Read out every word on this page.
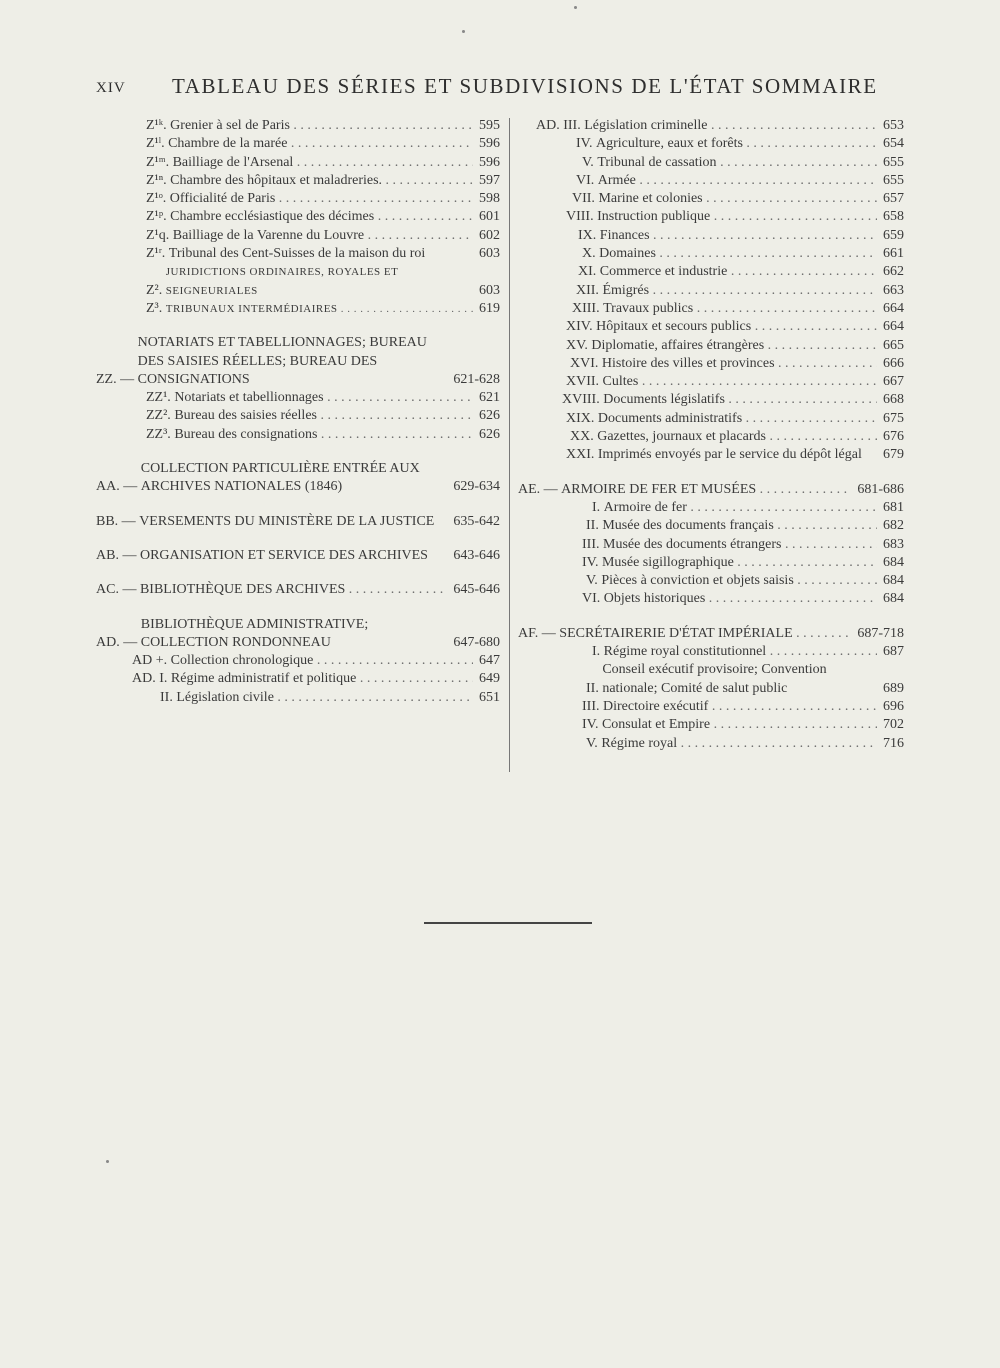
XIV TABLEAU DES SÉRIES ET SUBDIVISIONS DE L'ÉTAT SOMMAIRE
Z¹ᵏ. Grenier à sel de Paris . . .	595
Z¹ˡ. Chambre de la marée . . .	596
Z¹ᵐ. Bailliage de l'Arsenal . . .	596
Z¹ⁿ. Chambre des hôpitaux et maladreries. . . .	597
Z¹ᵒ. Officialité de Paris . . .	598
Z¹ᵖ. Chambre ecclésiastique des décimes . . .	601
Z¹q. Bailliage de la Varenne du Louvre . . .	602
Z¹ʳ. Tribunal des Cent-Suisses de la maison du roi	603
Z².
JURIDICTIONS ORDINAIRES, ROYALES ET SEIGNEURIALES	603
Z³. TRIBUNAUX INTERMÉDIAIRES . . .	619
ZZ. —
NOTARIATS ET TABELLIONNAGES; BUREAU DES SAISIES RÉELLES; BUREAU DES CONSIGNATIONS	621-628
ZZ¹. Notariats et tabellionnages . . .	621
ZZ². Bureau des saisies réelles . . .	626
ZZ³. Bureau des consignations . . .	626
AA. —
COLLECTION PARTICULIÈRE ENTRÉE AUX ARCHIVES NATIONALES (1846)	629-634
BB. — VERSEMENTS DU MINISTÈRE DE LA JUSTICE	635-642
AB. — ORGANISATION ET SERVICE DES ARCHIVES	643-646
AC. — BIBLIOTHÈQUE DES ARCHIVES . . .	645-646
AD. —
BIBLIOTHÈQUE ADMINISTRATIVE; COLLECTION RONDONNEAU	647-680
AD +. Collection chronologique . . .	647
AD. I. Régime administratif et politique . . .	649
II. Législation civile . . .	651
AD. III. Législation criminelle . . .	653
IV. Agriculture, eaux et forêts . . .	654
V. Tribunal de cassation . . .	655
VI. Armée . . .	655
VII. Marine et colonies . . .	657
VIII. Instruction publique . . .	658
IX. Finances . . .	659
X. Domaines . . .	661
XI. Commerce et industrie . . .	662
XII. Émigrés . . .	663
XIII. Travaux publics . . .	664
XIV. Hôpitaux et secours publics . . .	664
XV. Diplomatie, affaires étrangères . . .	665
XVI. Histoire des villes et provinces . . .	666
XVII. Cultes . . .	667
XVIII. Documents législatifs . . .	668
XIX. Documents administratifs . . .	675
XX. Gazettes, journaux et placards . . .	676
XXI. Imprimés envoyés par le service du dépôt légal	679
AE. — ARMOIRE DE FER ET MUSÉES . . .	681-686
I. Armoire de fer . . .	681
II. Musée des documents français . . .	682
III. Musée des documents étrangers . . .	683
IV. Musée sigillographique . . .	684
V. Pièces à conviction et objets saisis . . .	684
VI. Objets historiques . . .	684
AF. — SECRÉTAIRERIE D'ÉTAT IMPÉRIALE . . .	687-718
I. Régime royal constitutionnel . . .	687
II.
Conseil exécutif provisoire; Convention nationale; Comité de salut public	689
III. Directoire exécutif . . .	696
IV. Consulat et Empire . . .	702
V. Régime royal . . .	716
